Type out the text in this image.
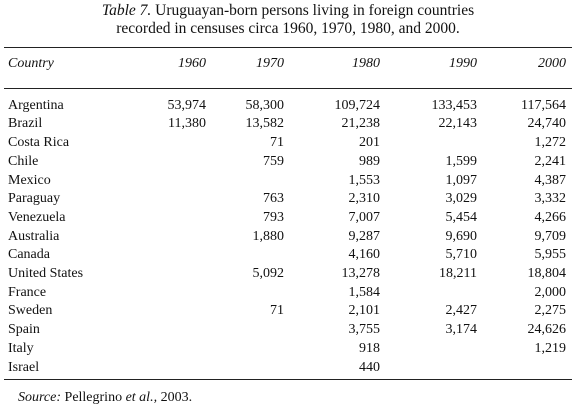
Table 7. Uruguayan-born persons living in foreign countries
recorded in censuses circa 1960, 1970, 1980, and 2000.
Country	1960	1970	1980	1990	2000

Argentina	53,974	58,300	109,724	133,453	117,564
Brazil	11,380	13,582	21,238	22,143	24,740
Costa Rica		71	201		1,272
Chile		759	989	1,599	2,241
Mexico			1,553	1,097	4,387
Paraguay		763	2,310	3,029	3,332
Venezuela		793	7,007	5,454	4,266
Australia		1,880	9,287	9,690	9,709
Canada			4,160	5,710	5,955
United States		5,092	13,278	18,211	18,804
France			1,584		2,000
Sweden		71	2,101	2,427	2,275
Spain			3,755	3,174	24,626
Italy			918		1,219
Israel			440		
Source: Pellegrino et al., 2003.
